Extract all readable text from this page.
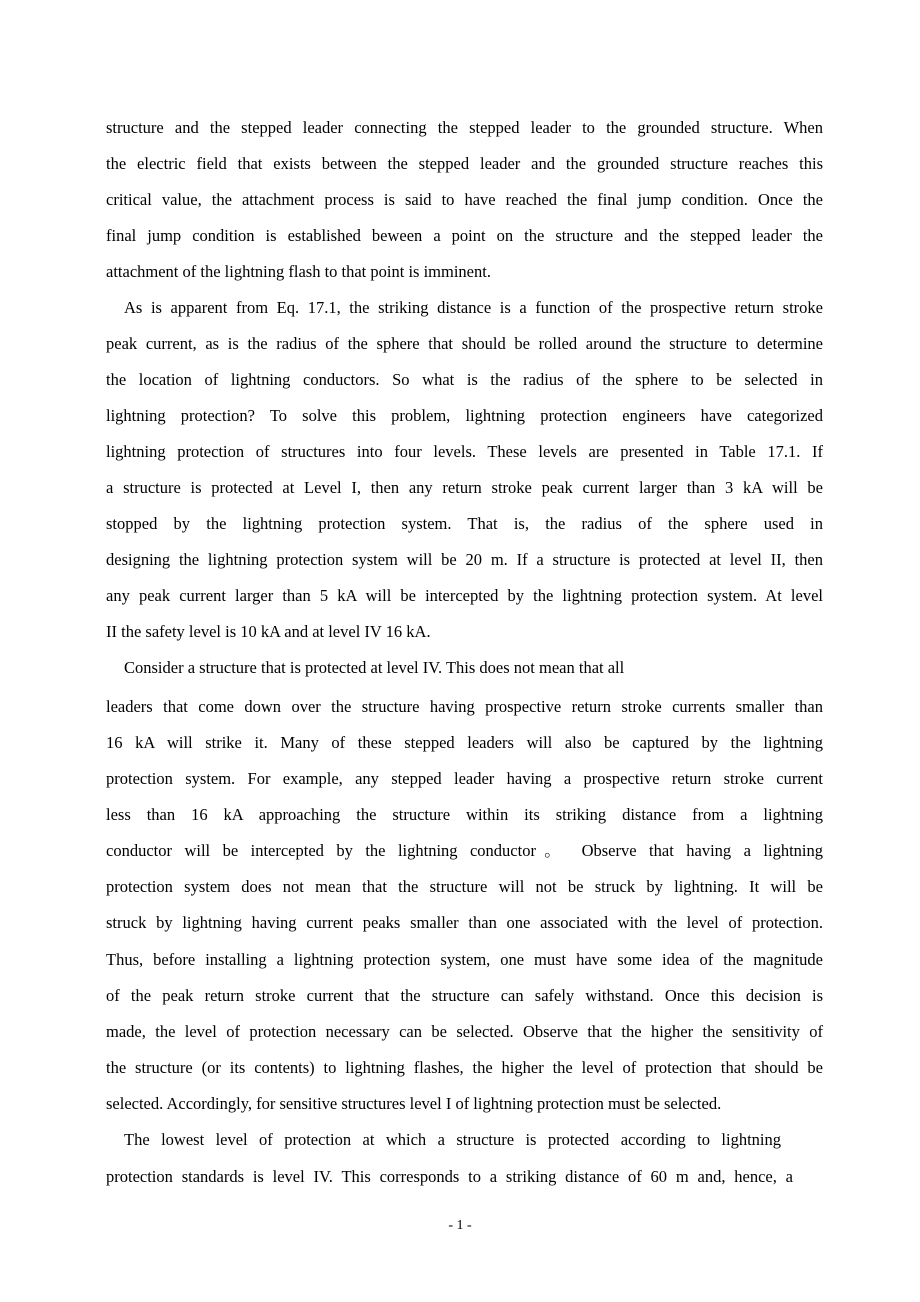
structure and the stepped leader connecting the stepped leader to the grounded structure. When
the electric field that exists between the stepped leader and the grounded structure reaches this
critical value, the attachment process is said to have reached the final jump condition. Once the
final jump condition is established beween a point on the structure and the stepped leader the
attachment of the lightning flash to that point is imminent.
As is apparent from Eq. 17.1, the striking distance is a function of the prospective return stroke
peak current, as is the radius of the sphere that should be rolled around the structure to determine
the location of lightning conductors. So what is the radius of the sphere to be selected in
lightning protection? To solve this problem, lightning protection engineers have categorized
lightning protection of structures into four levels. These levels are presented in Table 17.1. If
a structure is protected at Level I, then any return stroke peak current larger than 3 kA will be
stopped by the lightning protection system. That is, the radius of the sphere used in
designing the lightning protection system will be 20 m. If a structure is protected at level II, then
any peak current larger than 5 kA will be intercepted by the lightning protection system. At level
II the safety level is 10 kA and at level IV 16 kA.
Consider a structure that is protected at level IV. This does not mean that all
leaders that come down over the structure having prospective return stroke currents smaller than
16 kA will strike it. Many of these stepped leaders will also be captured by the lightning
protection system. For example, any stepped leader having a prospective return stroke current
less than 16 kA approaching the structure within its striking distance from a lightning
conductor will be intercepted by the lightning conductor。 Observe that having a lightning
protection system does not mean that the structure will not be struck by lightning. It will be
struck by lightning having current peaks smaller than one associated with the level of protection.
Thus, before installing a lightning protection system, one must have some idea of the magnitude
of the peak return stroke current that the structure can safely withstand. Once this decision is
made, the level of protection necessary can be selected. Observe that the higher the sensitivity of
the structure (or its contents) to lightning flashes, the higher the level of protection that should be
selected. Accordingly, for sensitive structures level I of lightning protection must be selected.
The lowest level of protection at which a structure is protected according to lightning
protection standards is level IV. This corresponds to a striking distance of 60 m and, hence, a
- 1 -
